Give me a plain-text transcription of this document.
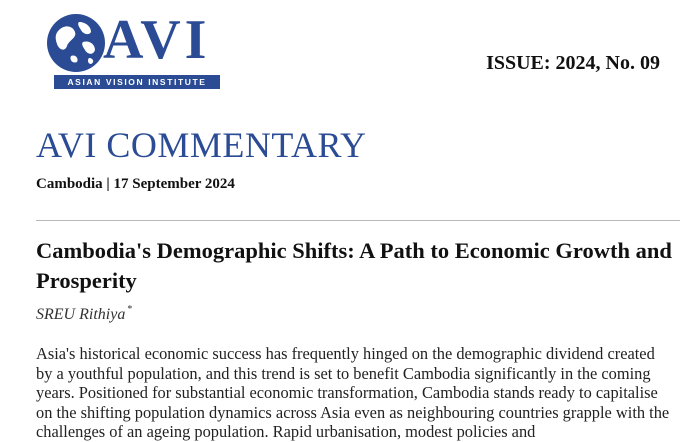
AVI
ASIAN VISION INSTITUTE
ISSUE: 2024, No. 09
AVI COMMENTARY
Cambodia | 17 September 2024
Cambodia's Demographic Shifts: A Path to Economic Growth and Prosperity
SREU Rithiya *
Asia's historical economic success has frequently hinged on the demographic dividend created by a youthful population, and this trend is set to benefit Cambodia significantly in the coming years. Positioned for substantial economic transformation, Cambodia stands ready to capitalise on the shifting population dynamics across Asia even as neighbouring countries grapple with the challenges of an ageing population. Rapid urbanisation, modest policies and
